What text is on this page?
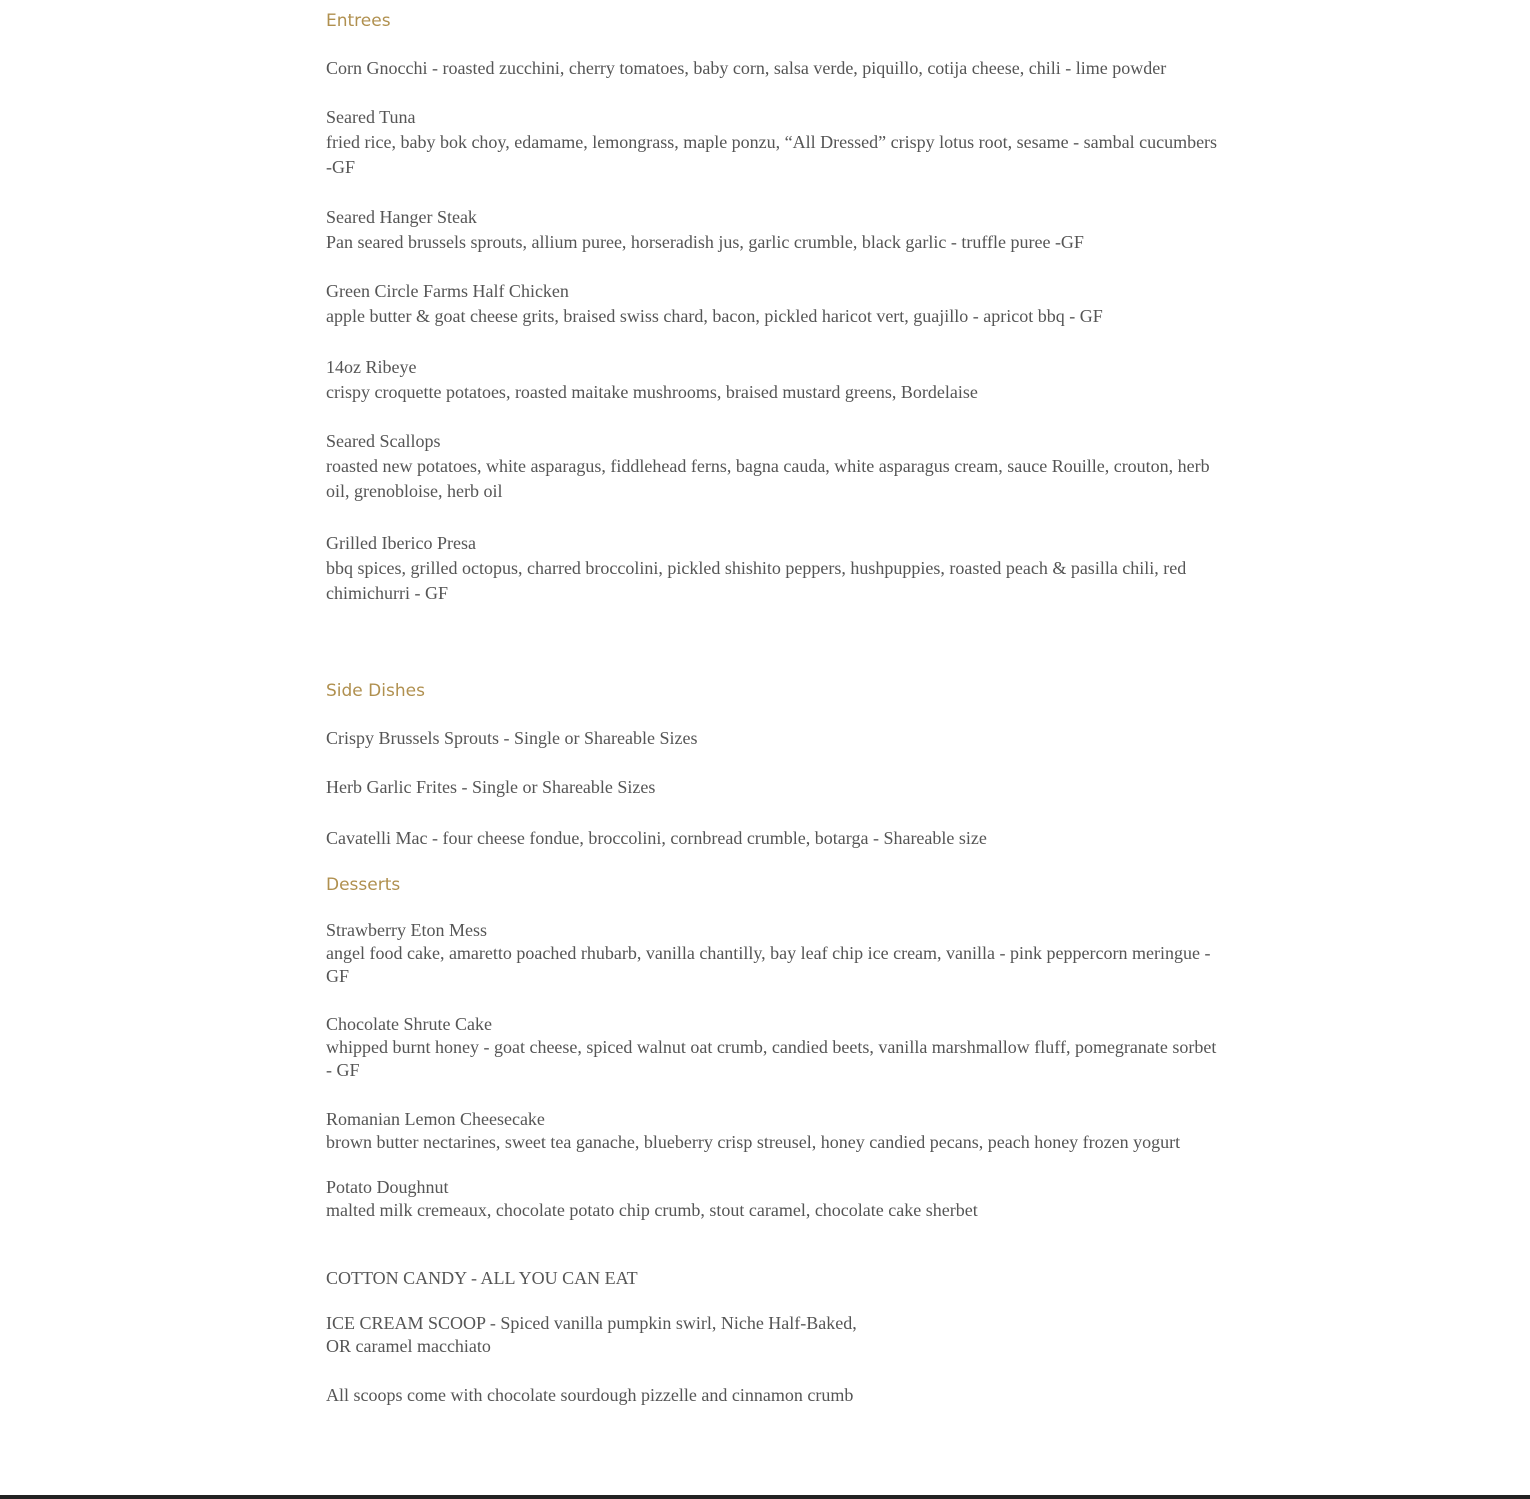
Entrees
Corn Gnocchi - roasted zucchini, cherry tomatoes, baby corn, salsa verde, piquillo, cotija cheese, chili - lime powder
Seared Tuna
fried rice, baby bok choy, edamame, lemongrass, maple ponzu, “All Dressed” crispy lotus root, sesame - sambal cucumbers -GF
Seared Hanger Steak
Pan seared brussels sprouts, allium puree, horseradish jus, garlic crumble, black garlic - truffle puree -GF
Green Circle Farms Half Chicken
apple butter & goat cheese grits, braised swiss chard, bacon, pickled haricot vert, guajillo - apricot bbq - GF
14oz Ribeye
crispy croquette potatoes, roasted maitake mushrooms, braised mustard greens, Bordelaise
Seared Scallops
roasted new potatoes, white asparagus, fiddlehead ferns, bagna cauda, white asparagus cream, sauce Rouille, crouton, herb oil, grenobloise, herb oil
Grilled Iberico Presa
bbq spices, grilled octopus, charred broccolini, pickled shishito peppers, hushpuppies, roasted peach & pasilla chili, red chimichurri - GF
Side Dishes
Crispy Brussels Sprouts - Single or Shareable Sizes
Herb Garlic Frites - Single or Shareable Sizes
Cavatelli Mac - four cheese fondue, broccolini, cornbread crumble, botarga - Shareable size
Desserts
Strawberry Eton Mess
angel food cake, amaretto poached rhubarb, vanilla chantilly, bay leaf chip ice cream, vanilla - pink peppercorn meringue - GF
Chocolate Shrute Cake
whipped burnt honey - goat cheese, spiced walnut oat crumb, candied beets, vanilla marshmallow fluff, pomegranate sorbet - GF
Romanian Lemon Cheesecake
brown butter nectarines, sweet tea ganache, blueberry crisp streusel, honey candied pecans, peach honey frozen yogurt
Potato Doughnut
malted milk cremeaux, chocolate potato chip crumb, stout caramel, chocolate cake sherbet
COTTON CANDY - ALL YOU CAN EAT
ICE CREAM SCOOP - Spiced vanilla pumpkin swirl, Niche Half-Baked,
OR caramel macchiato
All scoops come with chocolate sourdough pizzelle and cinnamon crumb
